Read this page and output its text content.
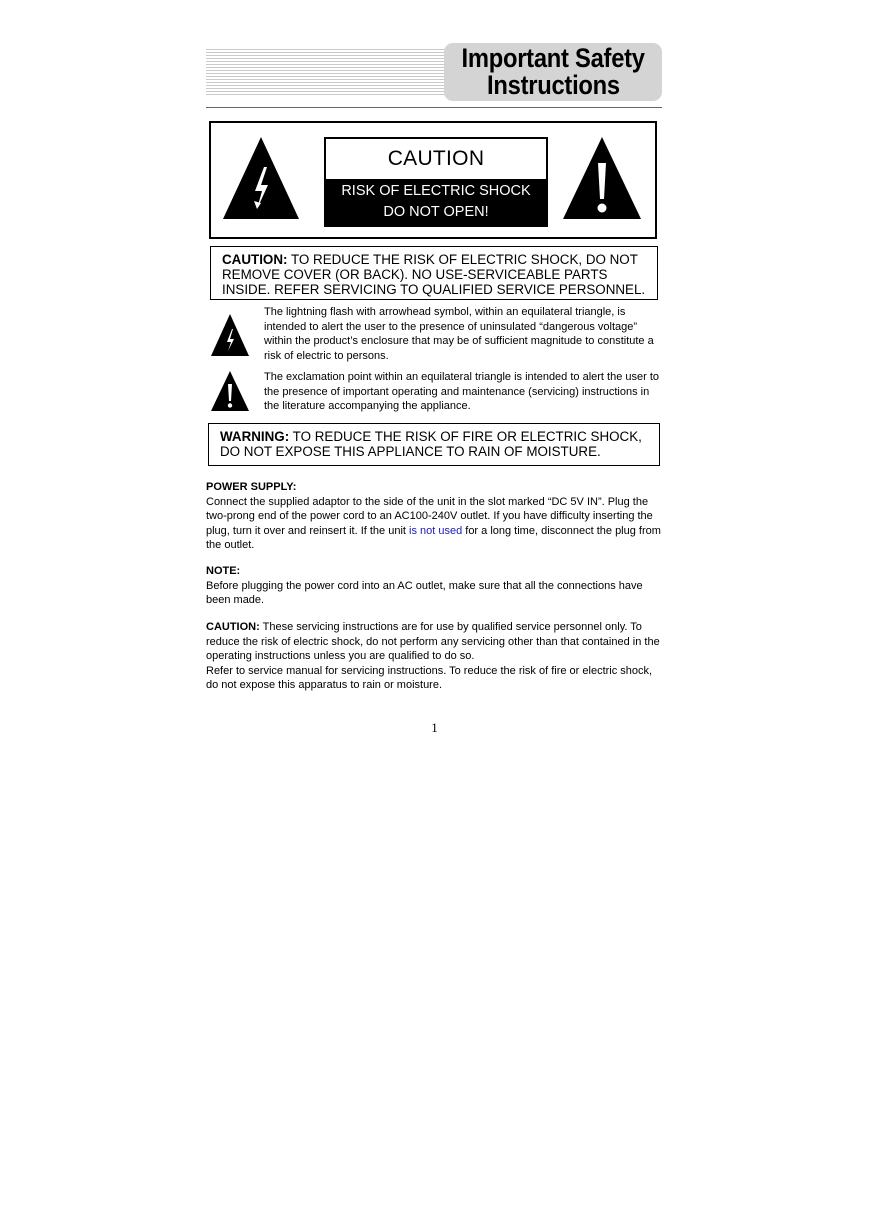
Important Safety
Instructions
CAUTION
RISK OF ELECTRIC SHOCK
DO NOT OPEN!
CAUTION: TO REDUCE THE RISK OF ELECTRIC SHOCK, DO NOT REMOVE COVER (OR BACK). NO USE-SERVICEABLE PARTS INSIDE. REFER SERVICING TO QUALIFIED SERVICE PERSONNEL.
The lightning flash with arrowhead symbol, within an equilateral triangle, is intended to alert the user to the presence of uninsulated “dangerous voltage” within the product’s enclosure that may be of sufficient magnitude to constitute a risk of electric to persons.
The exclamation point within an equilateral triangle is intended to alert the user to the presence of important operating and maintenance (servicing) instructions in the literature accompanying the appliance.
WARNING: TO REDUCE THE RISK OF FIRE OR ELECTRIC SHOCK, DO NOT EXPOSE THIS APPLIANCE TO RAIN OF MOISTURE.
POWER SUPPLY:
Connect the supplied adaptor to the side of the unit in the slot marked “DC 5V IN”. Plug the two-prong end of the power cord to an AC100-240V outlet. If you have difficulty inserting the plug, turn it over and reinsert it. If the unit is not used for a long time, disconnect the plug from the outlet.
NOTE:
Before plugging the power cord into an AC outlet, make sure that all the connections have been made.
CAUTION: These servicing instructions are for use by qualified service personnel only. To reduce the risk of electric shock, do not perform any servicing other than that contained in the operating instructions unless you are qualified to do so.
Refer to service manual for servicing instructions. To reduce the risk of fire or electric shock, do not expose this apparatus to rain or moisture.
1
